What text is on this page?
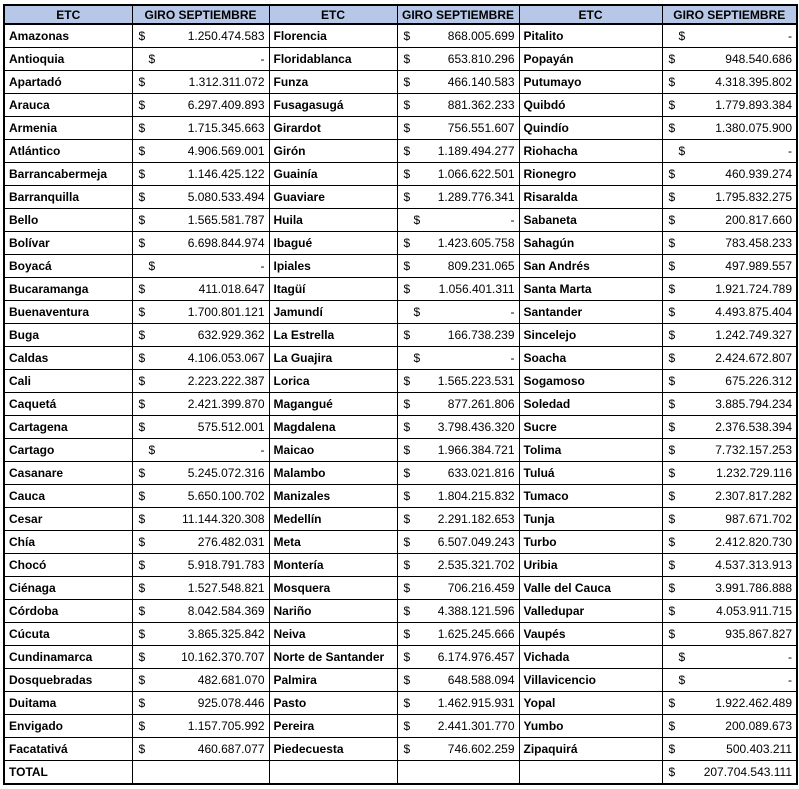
ETC	GIRO SEPTIEMBRE	ETC	GIRO SEPTIEMBRE	ETC	GIRO SEPTIEMBRE
Amazonas	$ 1.250.474.583	Florencia	$ 868.005.699	Pitalito	$ -
Antioquia	$ -	Floridablanca	$ 653.810.296	Popayán	$ 948.540.686
Apartadó	$ 1.312.311.072	Funza	$ 466.140.583	Putumayo	$ 4.318.395.802
Arauca	$ 6.297.409.893	Fusagasugá	$ 881.362.233	Quibdó	$ 1.779.893.384
Armenia	$ 1.715.345.663	Girardot	$ 756.551.607	Quindío	$ 1.380.075.900
Atlántico	$ 4.906.569.001	Girón	$ 1.189.494.277	Riohacha	$ -
Barrancabermeja	$ 1.146.425.122	Guainía	$ 1.066.622.501	Rionegro	$ 460.939.274
Barranquilla	$ 5.080.533.494	Guaviare	$ 1.289.776.341	Risaralda	$ 1.795.832.275
Bello	$ 1.565.581.787	Huila	$ -	Sabaneta	$ 200.817.660
Bolívar	$ 6.698.844.974	Ibagué	$ 1.423.605.758	Sahagún	$ 783.458.233
Boyacá	$ -	Ipiales	$ 809.231.065	San Andrés	$ 497.989.557
Bucaramanga	$ 411.018.647	Itagüí	$ 1.056.401.311	Santa Marta	$ 1.921.724.789
Buenaventura	$ 1.700.801.121	Jamundí	$ -	Santander	$ 4.493.875.404
Buga	$ 632.929.362	La Estrella	$ 166.738.239	Sincelejo	$ 1.242.749.327
Caldas	$ 4.106.053.067	La Guajira	$ -	Soacha	$ 2.424.672.807
Cali	$ 2.223.222.387	Lorica	$ 1.565.223.531	Sogamoso	$ 675.226.312
Caquetá	$ 2.421.399.870	Magangué	$ 877.261.806	Soledad	$ 3.885.794.234
Cartagena	$ 575.512.001	Magdalena	$ 3.798.436.320	Sucre	$ 2.376.538.394
Cartago	$ -	Maicao	$ 1.966.384.721	Tolima	$ 7.732.157.253
Casanare	$ 5.245.072.316	Malambo	$ 633.021.816	Tuluá	$ 1.232.729.116
Cauca	$ 5.650.100.702	Manizales	$ 1.804.215.832	Tumaco	$ 2.307.817.282
Cesar	$ 11.144.320.308	Medellín	$ 2.291.182.653	Tunja	$ 987.671.702
Chía	$ 276.482.031	Meta	$ 6.507.049.243	Turbo	$ 2.412.820.730
Chocó	$ 5.918.791.783	Montería	$ 2.535.321.702	Uribia	$ 4.537.313.913
Ciénaga	$ 1.527.548.821	Mosquera	$ 706.216.459	Valle del Cauca	$ 3.991.786.888
Córdoba	$ 8.042.584.369	Nariño	$ 4.388.121.596	Valledupar	$ 4.053.911.715
Cúcuta	$ 3.865.325.842	Neiva	$ 1.625.245.666	Vaupés	$ 935.867.827
Cundinamarca	$ 10.162.370.707	Norte de Santander	$ 6.174.976.457	Vichada	$ -
Dosquebradas	$ 482.681.070	Palmira	$ 648.588.094	Villavicencio	$ -
Duitama	$ 925.078.446	Pasto	$ 1.462.915.931	Yopal	$ 1.922.462.489
Envigado	$ 1.157.705.992	Pereira	$ 2.441.301.770	Yumbo	$ 200.089.673
Facatativá	$ 460.687.077	Piedecuesta	$ 746.602.259	Zipaquirá	$ 500.403.211
TOTAL					$ 207.704.543.111
